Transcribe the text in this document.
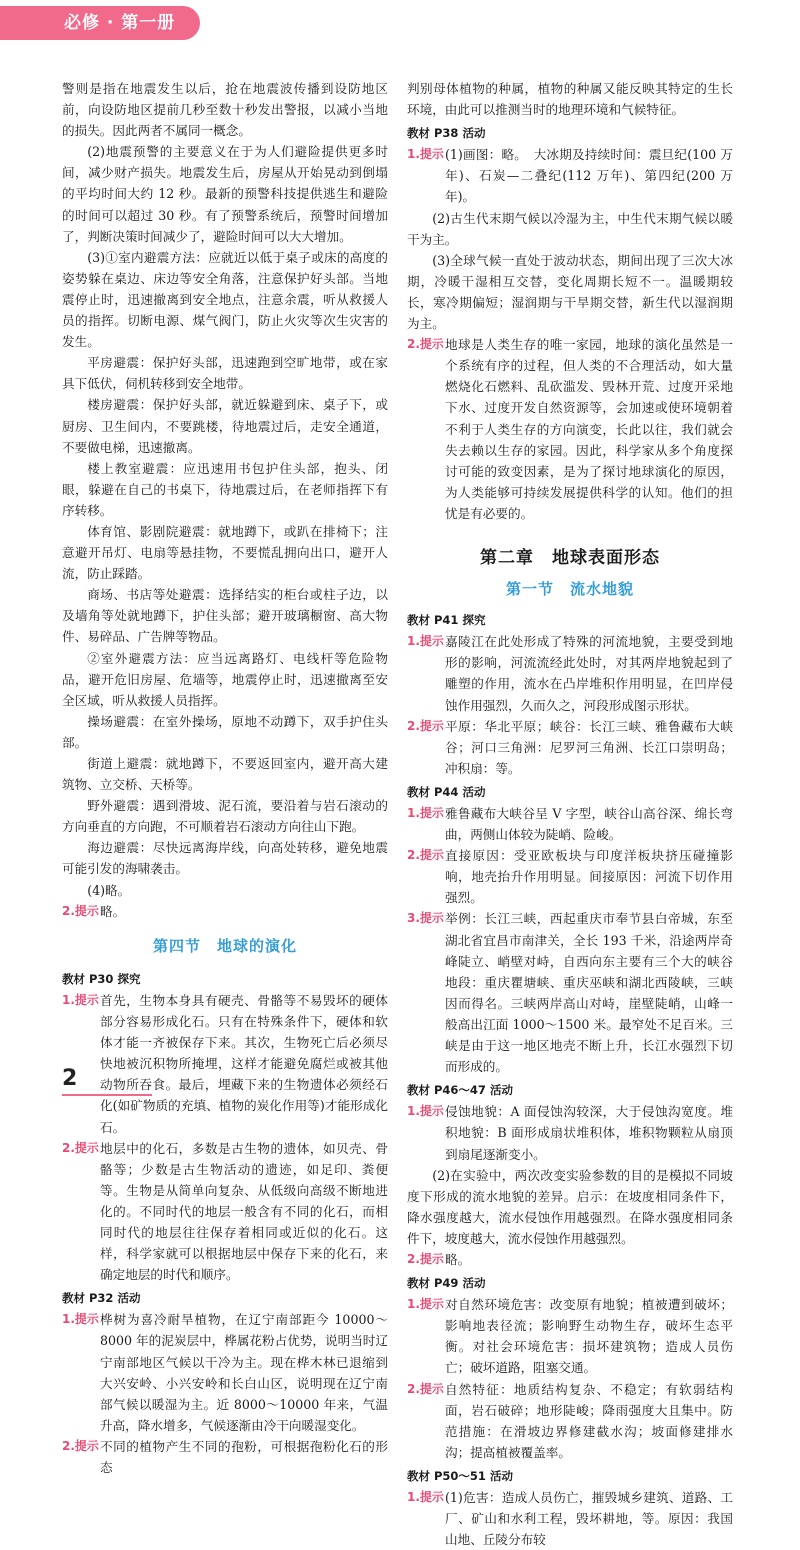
必修 · 第一册

警则是指在地震发生以后，抢在地震波传播到设防地区前，向设防地区提前几秒至数十秒发出警报，以减小当地的损失。因此两者不属同一概念。

(2)地震预警的主要意义在于为人们避险提供更多时间，减少财产损失。地震发生后，房屋从开始晃动到倒塌的平均时间大约 12 秒。最新的预警科技提供逃生和避险的时间可以超过 30 秒。有了预警系统后，预警时间增加了，判断决策时间减少了，避险时间可以大大增加。

(3)①室内避震方法：应就近以低于桌子或床的高度的姿势躲在桌边、床边等安全角落，注意保护好头部。当地震停止时，迅速撤离到安全地点，注意余震，听从救援人员的指挥。切断电源、煤气阀门，防止火灾等次生灾害的发生。

平房避震：保护好头部，迅速跑到空旷地带，或在家具下低伏，伺机转移到安全地带。

楼房避震：保护好头部，就近躲避到床、桌子下，或厨房、卫生间内，不要跳楼，待地震过后，走安全通道，不要做电梯，迅速撤离。

楼上教室避震：应迅速用书包护住头部，抱头、闭眼，躲避在自己的书桌下，待地震过后，在老师指挥下有序转移。

体育馆、影剧院避震：就地蹲下，或趴在排椅下；注意避开吊灯、电扇等悬挂物，不要慌乱拥向出口，避开人流，防止踩踏。

商场、书店等处避震：选择结实的柜台或柱子边，以及墙角等处就地蹲下，护住头部；避开玻璃橱窗、高大物件、易碎品、广告牌等物品。

②室外避震方法：应当远离路灯、电线杆等危险物品，避开危旧房屋、危墙等，地震停止时，迅速撤离至安全区域，听从救援人员指挥。

操场避震：在室外操场，原地不动蹲下，双手护住头部。

街道上避震：就地蹲下，不要返回室内，避开高大建筑物、立交桥、天桥等。

野外避震：遇到滑坡、泥石流，要沿着与岩石滚动的方向垂直的方向跑，不可顺着岩石滚动方向往山下跑。

海边避震：尽快远离海岸线，向高处转移，避免地震可能引发的海啸袭击。

(4)略。

2.提示 略。
第四节　地球的演化
教材 P30 探究
1.提示 首先，生物本身具有硬壳、骨骼等不易毁坏的硬体部分容易形成化石。只有在特殊条件下，硬体和软体才能一齐被保存下来。其次，生物死亡后必须尽快地被沉积物所掩埋，这样才能避免腐烂或被其他动物所吞食。最后，埋藏下来的生物遗体必须经石化(如矿物质的充填、植物的炭化作用等)才能形成化石。
2.提示 地层中的化石，多数是古生物的遗体，如贝壳、骨骼等；少数是古生物活动的遗迹，如足印、粪便等。生物是从简单向复杂、从低级向高级不断地进化的。不同时代的地层一般含有不同的化石，而相同时代的地层往往保存着相同或近似的化石。这样，科学家就可以根据地层中保存下来的化石，来确定地层的时代和顺序。
教材 P32 活动
1.提示 桦树为喜冷耐旱植物，在辽宁南部距今 10000～8000 年的泥炭层中，桦属花粉占优势，说明当时辽宁南部地区气候以干冷为主。现在桦木林已退缩到大兴安岭、小兴安岭和长白山区，说明现在辽宁南部气候以暖湿为主。近 8000～10000 年来，气温升高，降水增多，气候逐渐由冷干向暖湿变化。
2.提示 不同的植物产生不同的孢粉，可根据孢粉化石的形态

判别母体植物的种属，植物的种属又能反映其特定的生长环境，由此可以推测当时的地理环境和气候特征。

教材 P38 活动
1.提示 (1)画图：略。　大冰期及持续时间：震旦纪(100 万年)、石炭—二叠纪(112 万年)、第四纪(200 万年)。

(2)古生代末期气候以冷湿为主，中生代末期气候以暖干为主。

(3)全球气候一直处于波动状态，期间出现了三次大冰期，冷暖干湿相互交替，变化周期长短不一。温暖期较长，寒冷期偏短；湿润期与干旱期交替，新生代以湿润期为主。

2.提示 地球是人类生存的唯一家园，地球的演化虽然是一个系统有序的过程，但人类的不合理活动，如大量燃烧化石燃料、乱砍滥发、毁林开荒、过度开采地下水、过度开发自然资源等，会加速或使环境朝着不利于人类生存的方向演变，长此以往，我们就会失去赖以生存的家园。因此，科学家从多个角度探讨可能的致变因素，是为了探讨地球演化的原因，为人类能够可持续发展提供科学的认知。他们的担忧是有必要的。
第二章　地球表面形态
第一节　流水地貌
教材 P41 探究
1.提示 嘉陵江在此处形成了特殊的河流地貌，主要受到地形的影响，河流流经此处时，对其两岸地貌起到了雕塑的作用，流水在凸岸堆积作用明显，在凹岸侵蚀作用强烈，久而久之，河段形成图示形状。
2.提示 平原：华北平原；峡谷：长江三峡、雅鲁藏布大峡谷；河口三角洲：尼罗河三角洲、长江口崇明岛；冲积扇：等。
教材 P44 活动
1.提示 雅鲁藏布大峡谷呈 V 字型，峡谷山高谷深、绵长弯曲，两侧山体较为陡峭、险峻。
2.提示 直接原因：受亚欧板块与印度洋板块挤压碰撞影响，地壳抬升作用明显。间接原因：河流下切作用强烈。
3.提示 举例：长江三峡，西起重庆市奉节县白帝城，东至湖北省宜昌市南津关，全长 193 千米，沿途两岸奇峰陡立、峭壁对峙，自西向东主要有三个大的峡谷地段：重庆瞿塘峡、重庆巫峡和湖北西陵峡，三峡因而得名。三峡两岸高山对峙，崖壁陡峭，山峰一般高出江面 1000～1500 米。最窄处不足百米。三峡是由于这一地区地壳不断上升，长江水强烈下切而形成的。
教材 P46～47 活动
1.提示 侵蚀地貌：A 面侵蚀沟较深，大于侵蚀沟宽度。堆积地貌：B 面形成扇状堆积体，堆积物颗粒从扇顶到扇尾逐渐变小。

(2)在实验中，两次改变实验参数的目的是模拟不同坡度下形成的流水地貌的差异。启示：在坡度相同条件下，降水强度越大，流水侵蚀作用越强烈。在降水强度相同条件下，坡度越大，流水侵蚀作用越强烈。

2.提示 略。
教材 P49 活动
1.提示 对自然环境危害：改变原有地貌；植被遭到破坏；影响地表径流；影响野生动物生存，破坏生态平衡。对社会环境危害：损坏建筑物；造成人员伤亡；破坏道路，阻塞交通。
2.提示 自然特征：地质结构复杂、不稳定；有软弱结构面，岩石破碎；地形陡峻；降雨强度大且集中。防范措施：在滑坡边界修建截水沟；坡面修建排水沟；提高植被覆盖率。
教材 P50～51 活动
1.提示 (1)危害：造成人员伤亡，摧毁城乡建筑、道路、工厂、矿山和水利工程，毁坏耕地，等。原因：我国山地、丘陵分布较
2
